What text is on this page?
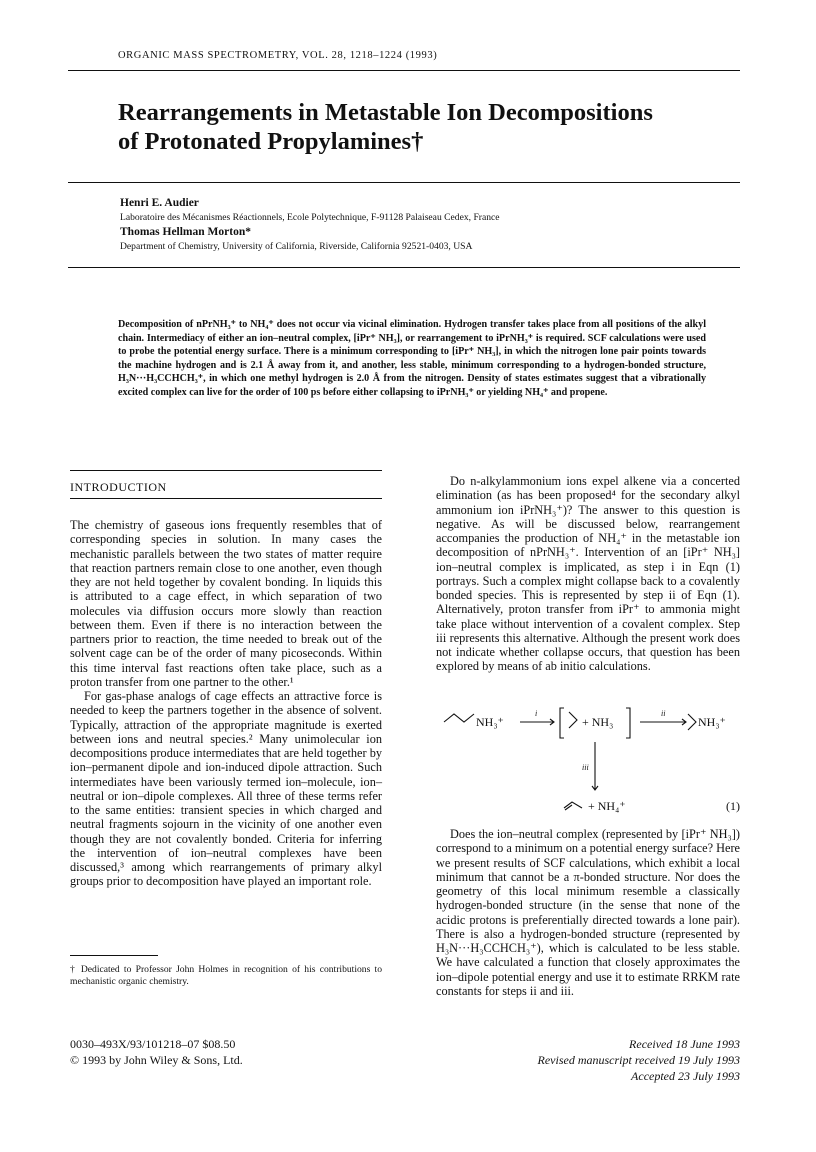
ORGANIC MASS SPECTROMETRY, VOL. 28, 1218–1224 (1993)
Rearrangements in Metastable Ion Decompositions
of Protonated Propylamines†
Henri E. Audier
Laboratoire des Mécanismes Réactionnels, Ecole Polytechnique, F-91128 Palaiseau Cedex, France
Thomas Hellman Morton*
Department of Chemistry, University of California, Riverside, California 92521-0403, USA
Decomposition of nPrNH₃⁺ to NH₄⁺ does not occur via vicinal elimination. Hydrogen transfer takes place from all positions of the alkyl chain. Intermediacy of either an ion–neutral complex, [iPr⁺ NH₃], or rearrangement to iPrNH₃⁺ is required. SCF calculations were used to probe the potential energy surface. There is a minimum corresponding to [iPr⁺ NH₃], in which the nitrogen lone pair points towards the machine hydrogen and is 2.1 Å away from it, and another, less stable, minimum corresponding to a hydrogen-bonded structure, H₃N···H₃CCHCH₃⁺, in which one methyl hydrogen is 2.0 Å from the nitrogen. Density of states estimates suggest that a vibrationally excited complex can live for the order of 100 ps before either collapsing to iPrNH₃⁺ or yielding NH₄⁺ and propene.
INTRODUCTION

The chemistry of gaseous ions frequently resembles that of corresponding species in solution. In many cases the mechanistic parallels between the two states of matter require that reaction partners remain close to one another, even though they are not held together by covalent bonding. In liquids this is attributed to a cage effect, in which separation of two molecules via diffusion occurs more slowly than reaction between them. Even if there is no interaction between the partners prior to reaction, the time needed to break out of the solvent cage can be of the order of many picoseconds. Within this time interval fast reactions often take place, such as a proton transfer from one partner to the other.¹

For gas-phase analogs of cage effects an attractive force is needed to keep the partners together in the absence of solvent. Typically, attraction of the appropriate magnitude is exerted between ions and neutral species.² Many unimolecular ion decompositions produce intermediates that are held together by ion–permanent dipole and ion-induced dipole attraction. Such intermediates have been variously termed ion–molecule, ion–neutral or ion–dipole complexes. All three of these terms refer to the same entities: transient species in which charged and neutral fragments sojourn in the vicinity of one another even though they are not covalently bonded. Criteria for inferring the intervention of ion–neutral complexes have been discussed,³ among which rearrangements of primary alkyl groups prior to decomposition have played an important role.

† Dedicated to Professor John Holmes in recognition of his contributions to mechanistic organic chemistry.

Do n-alkylammonium ions expel alkene via a concerted elimination (as has been proposed⁴ for the secondary alkyl ammonium ion iPrNH₃⁺)? The answer to this question is negative. As will be discussed below, rearrangement accompanies the production of NH₄⁺ in the metastable ion decomposition of nPrNH₃⁺. Intervention of an [iPr⁺ NH₃] ion–neutral complex is implicated, as step i in Eqn (1) portrays. Such a complex might collapse back to a covalently bonded species. This is represented by step ii of Eqn (1). Alternatively, proton transfer from iPr⁺ to ammonia might take place without intervention of a covalent complex. Step iii represents this alternative. Although the present work does not indicate whether collapse occurs, that question has been explored by means of ab initio calculations.

NH₃⁺
i
+ NH₃
ii
NH₃⁺
iii
+ NH₄⁺	(1)

Does the ion–neutral complex (represented by [iPr⁺ NH₃]) correspond to a minimum on a potential energy surface? Here we present results of SCF calculations, which exhibit a local minimum that cannot be a π-bonded structure. Nor does the geometry of this local minimum resemble a classically hydrogen-bonded structure (in the sense that none of the acidic protons is preferentially directed towards a lone pair). There is also a hydrogen-bonded structure (represented by H₃N···H₃CCHCH₃⁺), which is calculated to be less stable. We have calculated a function that closely approximates the ion–dipole potential energy and use it to estimate RRKM rate constants for steps ii and iii.

0030–493X/93/101218–07 $08.50
© 1993 by John Wiley & Sons, Ltd.
Received 18 June 1993
Revised manuscript received 19 July 1993
Accepted 23 July 1993
